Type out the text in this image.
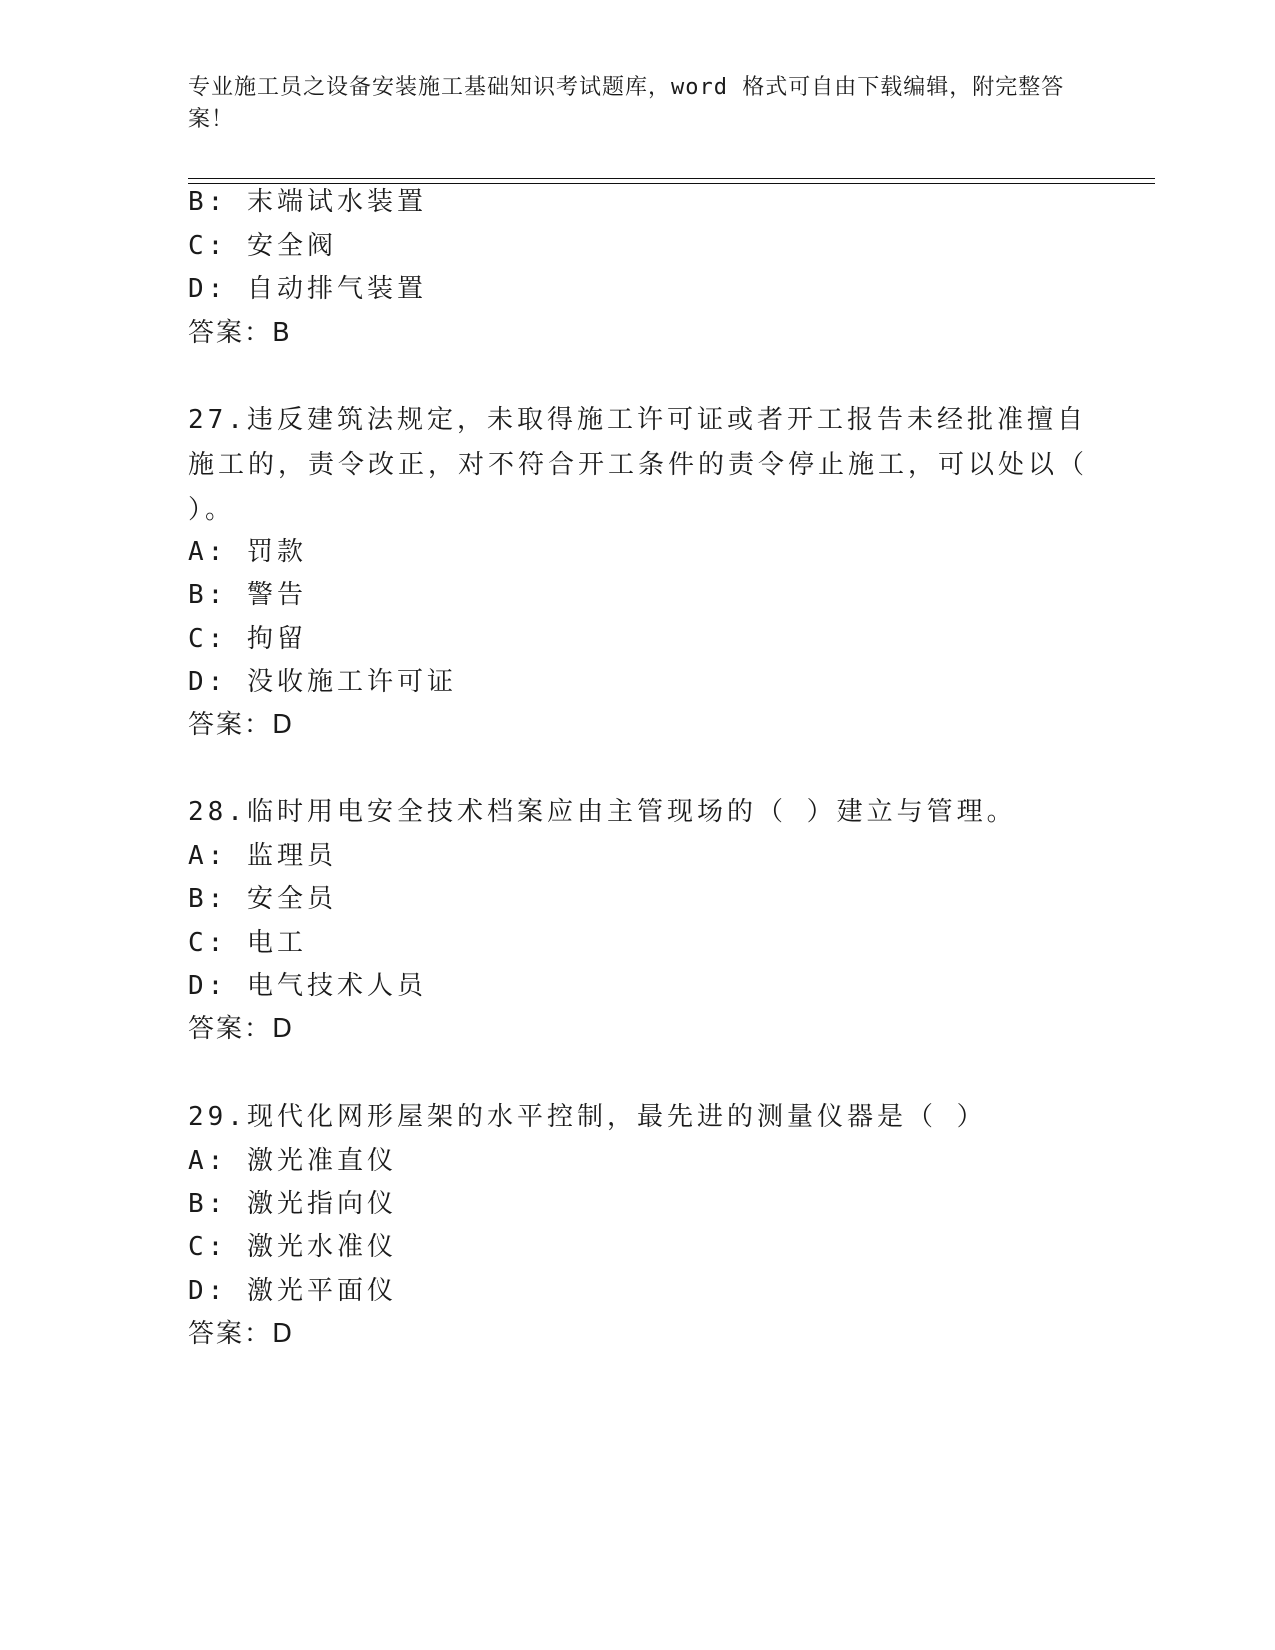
专业施工员之设备安装施工基础知识考试题库，word 格式可自由下载编辑，附完整答案！
B: 末端试水装置
C: 安全阀
D: 自动排气装置
答案：B
27.违反建筑法规定，未取得施工许可证或者开工报告未经批准擅自施工的，责令改正，对不符合开工条件的责令停止施工，可以处以（ ）。
A: 罚款
B: 警告
C: 拘留
D: 没收施工许可证
答案：D
28.临时用电安全技术档案应由主管现场的（ ）建立与管理。
A: 监理员
B: 安全员
C: 电工
D: 电气技术人员
答案：D
29.现代化网形屋架的水平控制，最先进的测量仪器是（ ）
A: 激光准直仪
B: 激光指向仪
C: 激光水准仪
D: 激光平面仪
答案：D
